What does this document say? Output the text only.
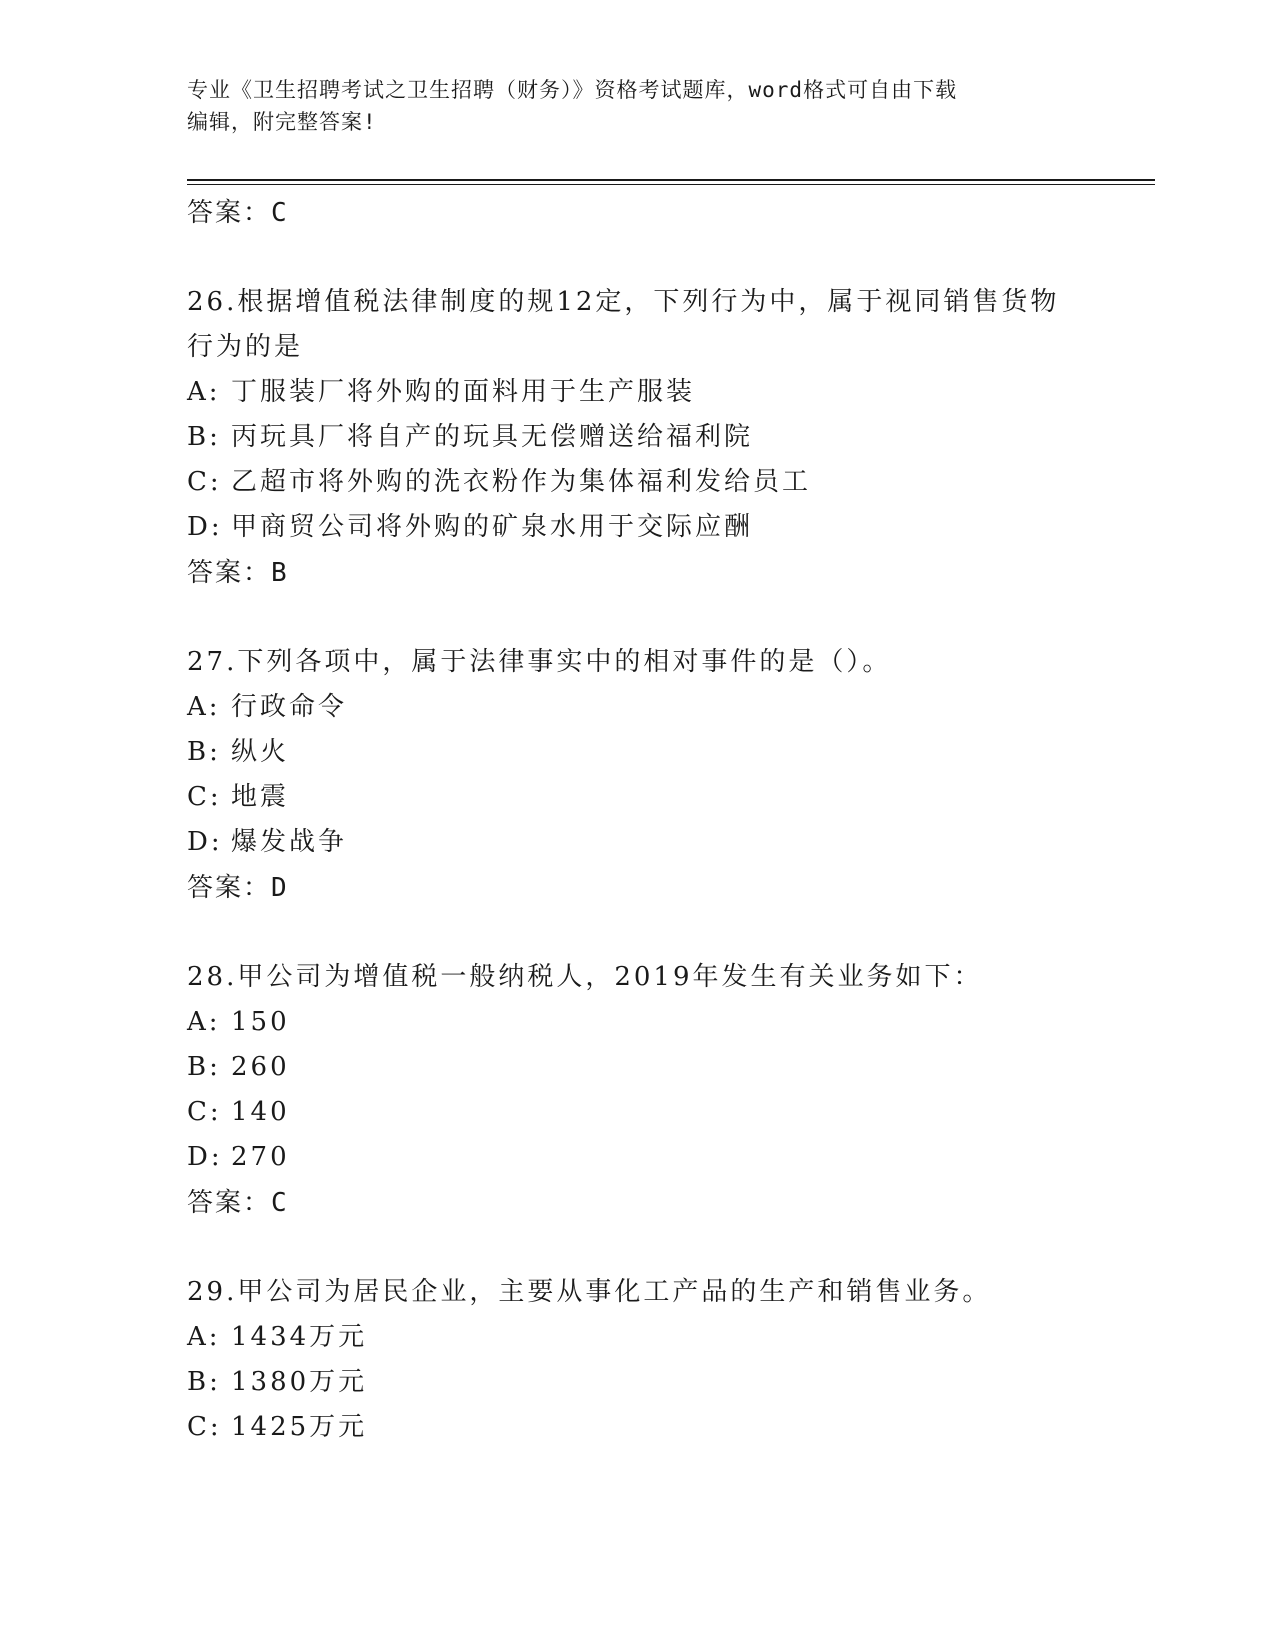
专业《卫生招聘考试之卫生招聘（财务）》资格考试题库，word格式可自由下载
编辑，附完整答案!
答案：C
26.根据增值税法律制度的规12定，下列行为中，属于视同销售货物
行为的是
A: 丁服装厂将外购的面料用于生产服装
B: 丙玩具厂将自产的玩具无偿赠送给福利院
C: 乙超市将外购的洗衣粉作为集体福利发给员工
D: 甲商贸公司将外购的矿泉水用于交际应酬
答案：B
27.下列各项中，属于法律事实中的相对事件的是（）。
A: 行政命令
B: 纵火
C: 地震
D: 爆发战争
答案：D
28.甲公司为增值税一般纳税人，2019年发生有关业务如下：
A: 150
B: 260
C: 140
D: 270
答案：C
29.甲公司为居民企业，主要从事化工产品的生产和销售业务。
A: 1434万元
B: 1380万元
C: 1425万元
